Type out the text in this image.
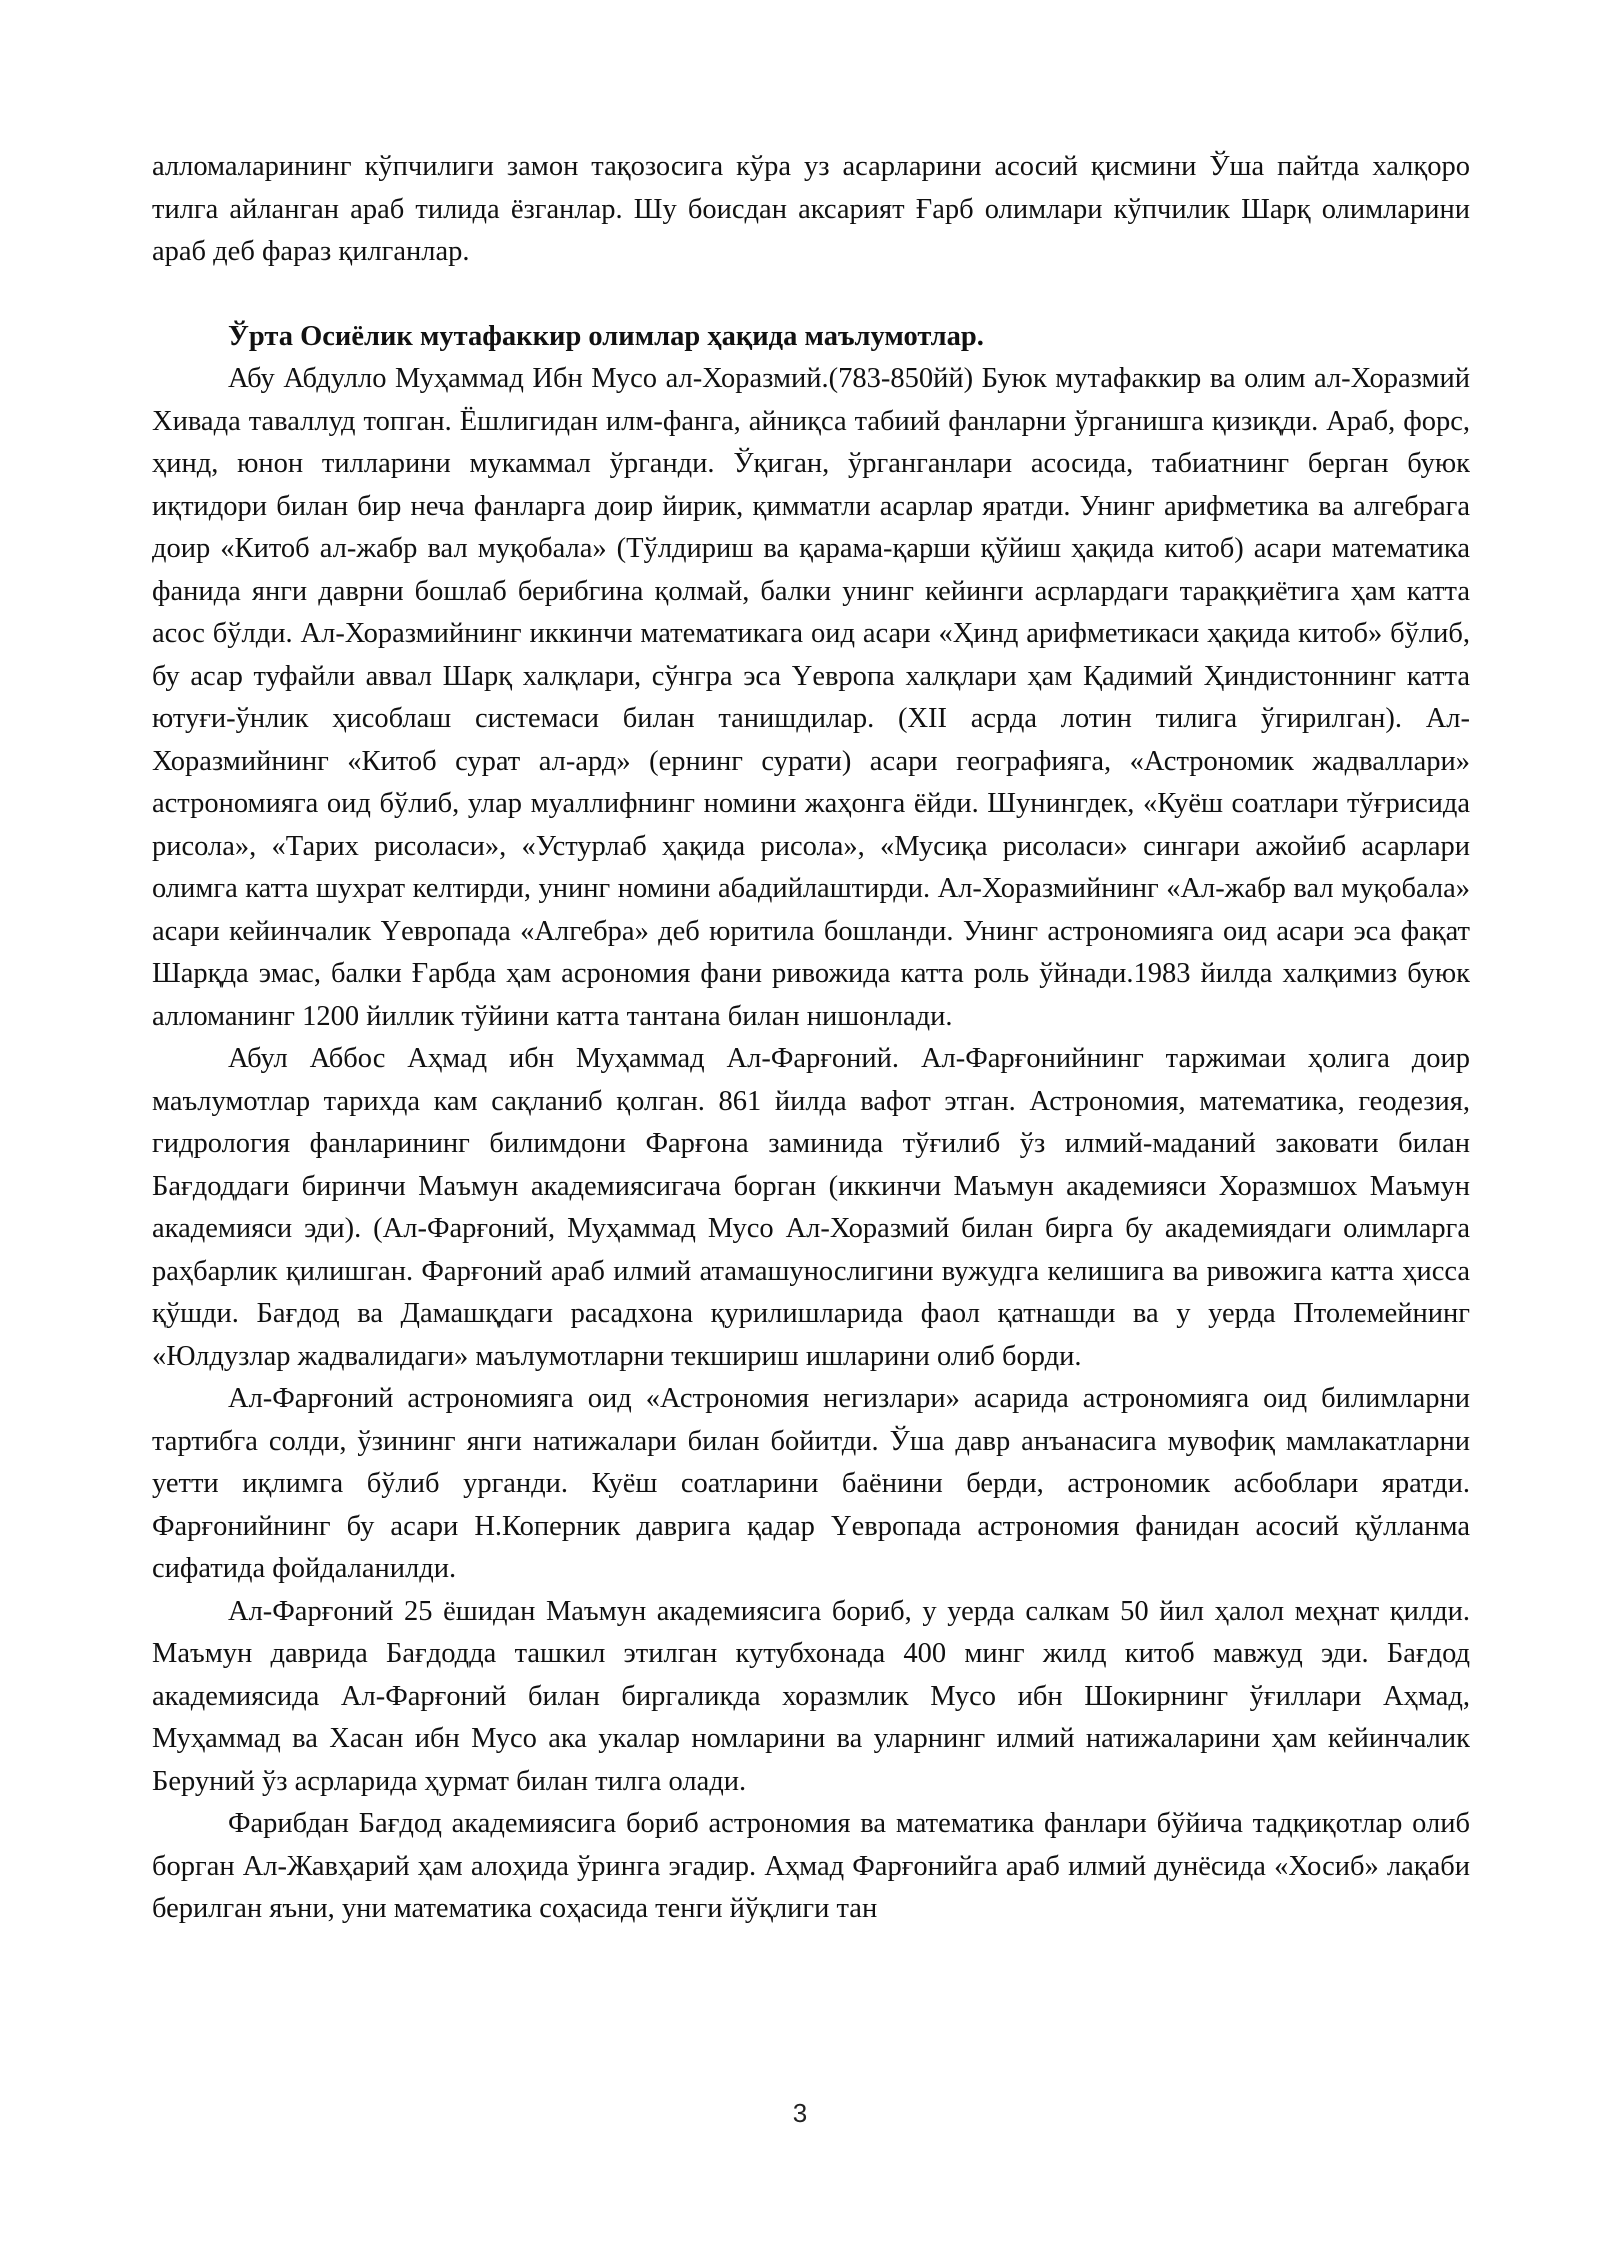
алломаларининг кўпчилиги замон тақозосига кўра уз асарларини асосий қисмини Ўша пайтда халқоро тилга айланган араб тилида ёзганлар. Шу боисдан аксарият Ғарб олимлари кўпчилик Шарқ олимларини араб деб фараз қилганлар.

Ўрта Осиёлик мутафаккир олимлар ҳақида маълумотлар.

Абу Абдулло Муҳаммад Ибн Мусо ал-Хоразмий.(783-850йй) Буюк мутафаккир ва олим ал-Хоразмий Хивада таваллуд топган. Ёшлигидан илм-фанга, айниқса табиий фанларни ўрганишга қизиқди. Араб, форс, ҳинд, юнон тилларини мукаммал ўрганди. Ўқиган, ўрганганлари асосида, табиатнинг берган буюк иқтидори билан бир неча фанларга доир йирик, қимматли асарлар яратди. Унинг арифметика ва алгебрага доир «Китоб ал-жабр вал муқобала» (Тўлдириш ва қарама-қарши қўйиш ҳақида китоб) асари математика фанида янги даврни бошлаб берибгина қолмай, балки унинг кейинги асрлардаги тараққиётига ҳам катта асос бўлди. Ал-Хоразмийнинг иккинчи математикага оид асари «Ҳинд арифметикаси ҳақида китоб» бўлиб, бу асар туфайли аввал Шарқ халқлари, сўнгра эса Үевропа халқлари ҳам Қадимий Ҳиндистоннинг катта ютуғи-ўнлик ҳисоблаш системаси билан танишдилар. (XII асрда лотин тилига ўгирилган). Ал-Хоразмийнинг «Китоб сурат ал-ард» (ернинг сурати) асари географияга, «Астрономик жадваллари» астрономияга оид бўлиб, улар муаллифнинг номини жаҳонга ёйди. Шунингдек, «Куёш соатлари тўғрисида рисола», «Тарих рисоласи», «Устурлаб ҳақида рисола», «Мусиқа рисоласи» сингари ажойиб асарлари олимга катта шухрат келтирди, унинг номини абадийлаштирди. Ал-Хоразмийнинг «Ал-жабр вал муқобала» асари кейинчалик Үевропада «Алгебра» деб юритила бошланди. Унинг астрономияга оид асари эса фақат Шарқда эмас, балки Ғарбда ҳам асрономия фани ривожида катта роль ўйнади.1983 йилда халқимиз буюк алломанинг 1200 йиллик тўйини катта тантана билан нишонлади.

Абул Аббос Аҳмад ибн Муҳаммад Ал-Фарғоний. Ал-Фарғонийнинг таржимаи ҳолига доир маълумотлар тарихда кам сақланиб қолган. 861 йилда вафот этган. Астрономия, математика, геодезия, гидрология фанларининг билимдони Фарғона заминида тўғилиб ўз илмий-маданий заковати билан Бағдоддаги биринчи Маъмун академиясигача борган (иккинчи Маъмун академияси Хоразмшох Маъмун академияси эди). (Ал-Фарғоний, Муҳаммад Мусо Ал-Хоразмий билан бирга бу академиядаги олимларга раҳбарлик қилишган. Фарғоний араб илмий атамашунослигини вужудга келишига ва ривожига катта ҳисса қўшди. Бағдод ва Дамашқдаги расадхона қурилишларида фаол қатнашди ва у уерда Птолемейнинг «Юлдузлар жадвалидаги» маълумотларни текшириш ишларини олиб борди.

Ал-Фарғоний астрономияга оид «Астрономия негизлари» асарида астрономияга оид билимларни тартибга солди, ўзининг янги натижалари билан бойитди. Ўша давр анъанасига мувофиқ мамлакатларни уетти иқлимга бўлиб урганди. Куёш соатларини баёнини берди, астрономик асбоблари яратди. Фарғонийнинг бу асари Н.Коперник даврига қадар Үевропада астрономия фанидан асосий қўлланма сифатида фойдаланилди.

Ал-Фарғоний 25 ёшидан Маъмун академиясига бориб, у уерда салкам 50 йил ҳалол меҳнат қилди. Маъмун даврида Бағдодда ташкил этилган кутубхонада 400 минг жилд китоб мавжуд эди. Бағдод академиясида Ал-Фарғоний билан биргаликда хоразмлик Мусо ибн Шокирнинг ўғиллари Аҳмад, Муҳаммад ва Хасан ибн Мусо ака укалар номларини ва уларнинг илмий натижаларини ҳам кейинчалик Беруний ўз асрларида ҳурмат билан тилга олади.

Фарибдан Бағдод академиясига бориб астрономия ва математика фанлари бўйича тадқиқотлар олиб борган Ал-Жавҳарий ҳам алоҳида ўринга эгадир. Аҳмад Фарғонийга араб илмий дунёсида «Хосиб» лақаби берилган яъни, уни математика соҳасида тенги йўқлиги тан

3
